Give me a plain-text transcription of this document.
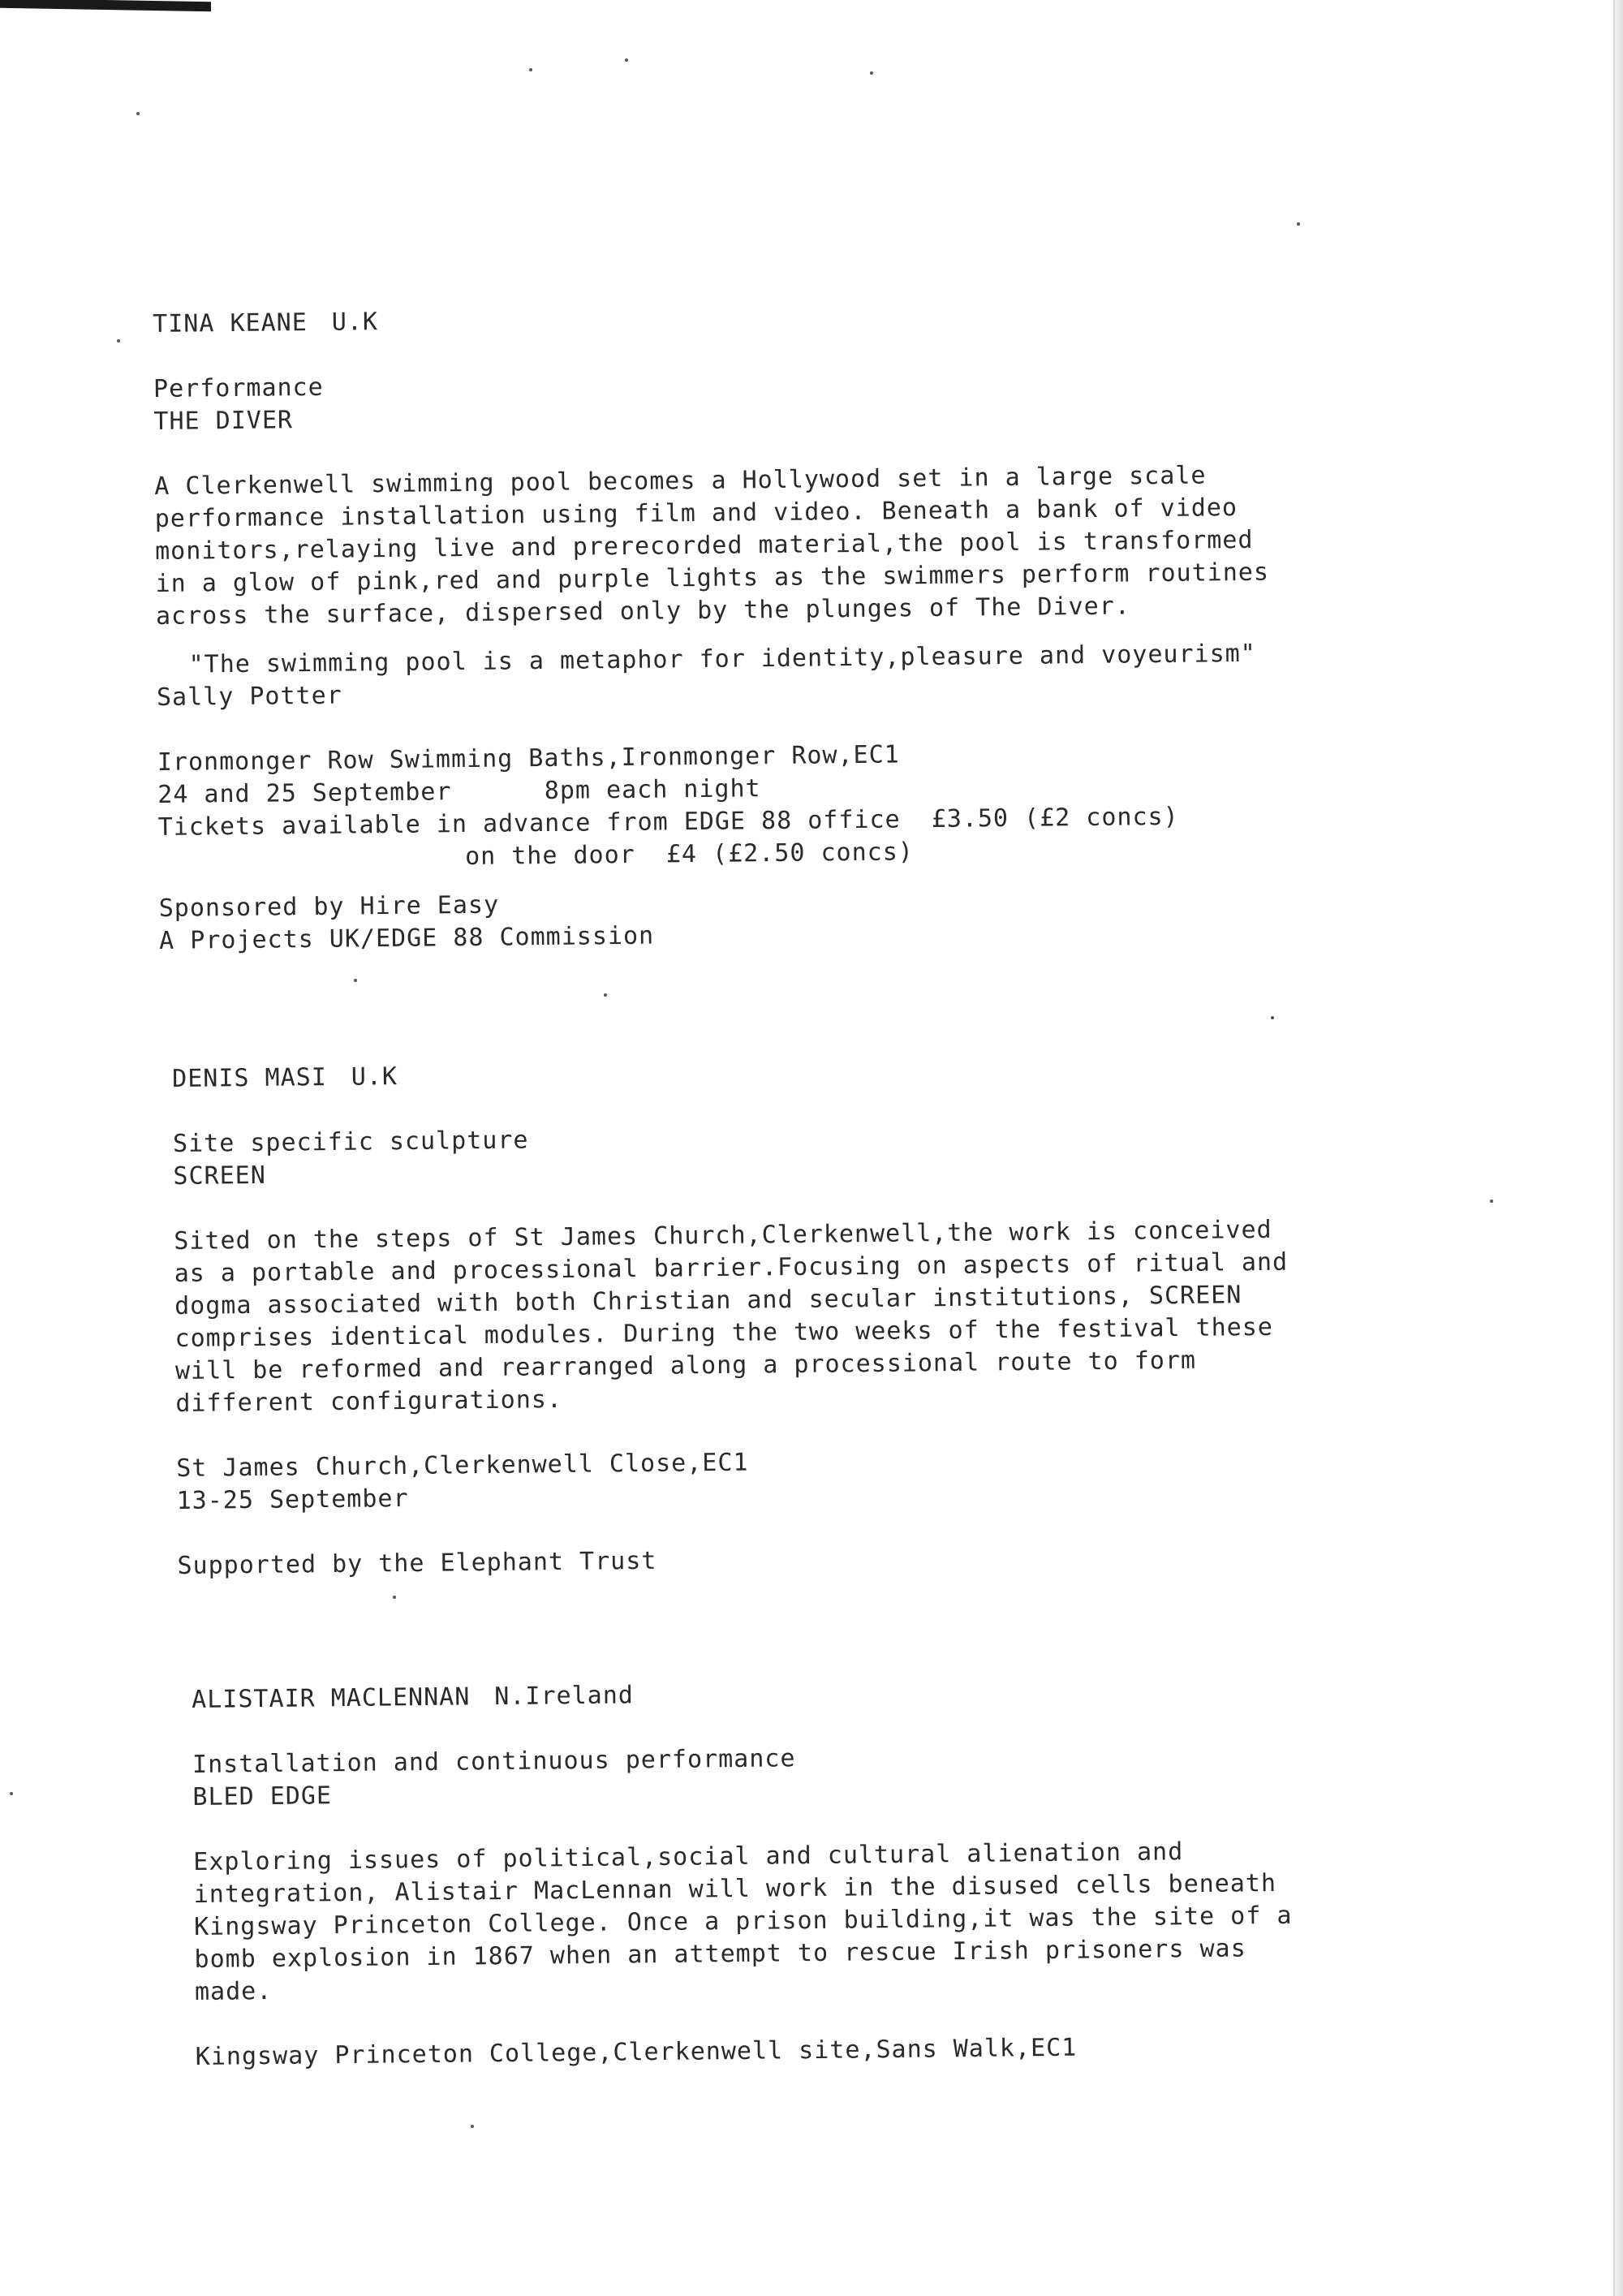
TINA KEANE U.K

Performance

THE DIVER

A Clerkenwell swimming pool becomes a Hollywood set in a large scale

performance installation using film and video. Beneath a bank of video

monitors,relaying live and prerecorded material,the pool is transformed

in a glow of pink,red and purple lights as the swimmers perform routines

across the surface, dispersed only by the plunges of The Diver.

"The swimming pool is a metaphor for identity,pleasure and voyeurism"

Sally Potter

Ironmonger Row Swimming Baths,Ironmonger Row,EC1

24 and 25 September      8pm each night

Tickets available in advance from EDGE 88 office  £3.50 (£2 concs)

on the door  £4 (£2.50 concs)

Sponsored by Hire Easy

A Projects UK/EDGE 88 Commission

DENIS MASI U.K

Site specific sculpture

SCREEN

Sited on the steps of St James Church,Clerkenwell,the work is conceived

as a portable and processional barrier.Focusing on aspects of ritual and

dogma associated with both Christian and secular institutions, SCREEN

comprises identical modules. During the two weeks of the festival these

will be reformed and rearranged along a processional route to form

different configurations.

St James Church,Clerkenwell Close,EC1

13-25 September

Supported by the Elephant Trust

ALISTAIR MACLENNAN N.Ireland

Installation and continuous performance

BLED EDGE

Exploring issues of political,social and cultural alienation and

integration, Alistair MacLennan will work in the disused cells beneath

Kingsway Princeton College. Once a prison building,it was the site of a

bomb explosion in 1867 when an attempt to rescue Irish prisoners was

made.

Kingsway Princeton College,Clerkenwell site,Sans Walk,EC1
